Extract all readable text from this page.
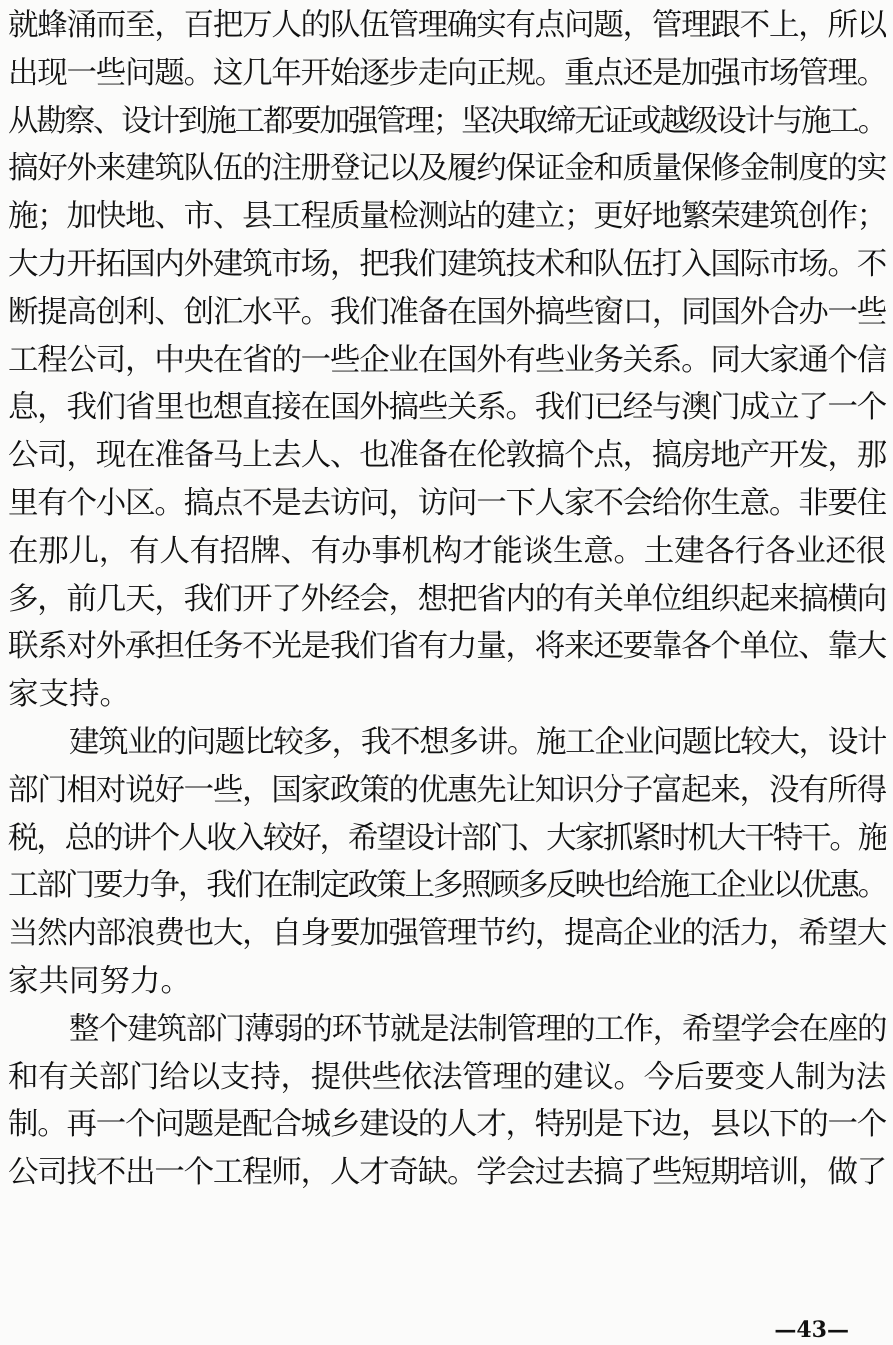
就蜂涌而至，百把万人的队伍管理确实有点问题，管理跟不上，所以
出现一些问题。这几年开始逐步走向正规。重点还是加强市场管理。
从勘察、设计到施工都要加强管理；坚决取缔无证或越级设计与施工。
搞好外来建筑队伍的注册登记以及履约保证金和质量保修金制度的实
施；加快地、市、县工程质量检测站的建立；更好地繁荣建筑创作；
大力开拓国内外建筑市场，把我们建筑技术和队伍打入国际市场。不
断提高创利、创汇水平。我们准备在国外搞些窗口，同国外合办一些
工程公司，中央在省的一些企业在国外有些业务关系。同大家通个信
息，我们省里也想直接在国外搞些关系。我们已经与澳门成立了一个
公司，现在准备马上去人、也准备在伦敦搞个点，搞房地产开发，那
里有个小区。搞点不是去访问，访问一下人家不会给你生意。非要住
在那儿，有人有招牌、有办事机构才能谈生意。土建各行各业还很
多，前几天，我们开了外经会，想把省内的有关单位组织起来搞横向
联系对外承担任务不光是我们省有力量，将来还要靠各个单位、靠大
家支持。
建筑业的问题比较多，我不想多讲。施工企业问题比较大，设计
部门相对说好一些，国家政策的优惠先让知识分子富起来，没有所得
税，总的讲个人收入较好，希望设计部门、大家抓紧时机大干特干。施
工部门要力争，我们在制定政策上多照顾多反映也给施工企业以优惠。
当然内部浪费也大，自身要加强管理节约，提高企业的活力，希望大
家共同努力。
整个建筑部门薄弱的环节就是法制管理的工作，希望学会在座的
和有关部门给以支持，提供些依法管理的建议。今后要变人制为法
制。再一个问题是配合城乡建设的人才，特别是下边，县以下的一个
公司找不出一个工程师，人才奇缺。学会过去搞了些短期培训，做了
—43—
